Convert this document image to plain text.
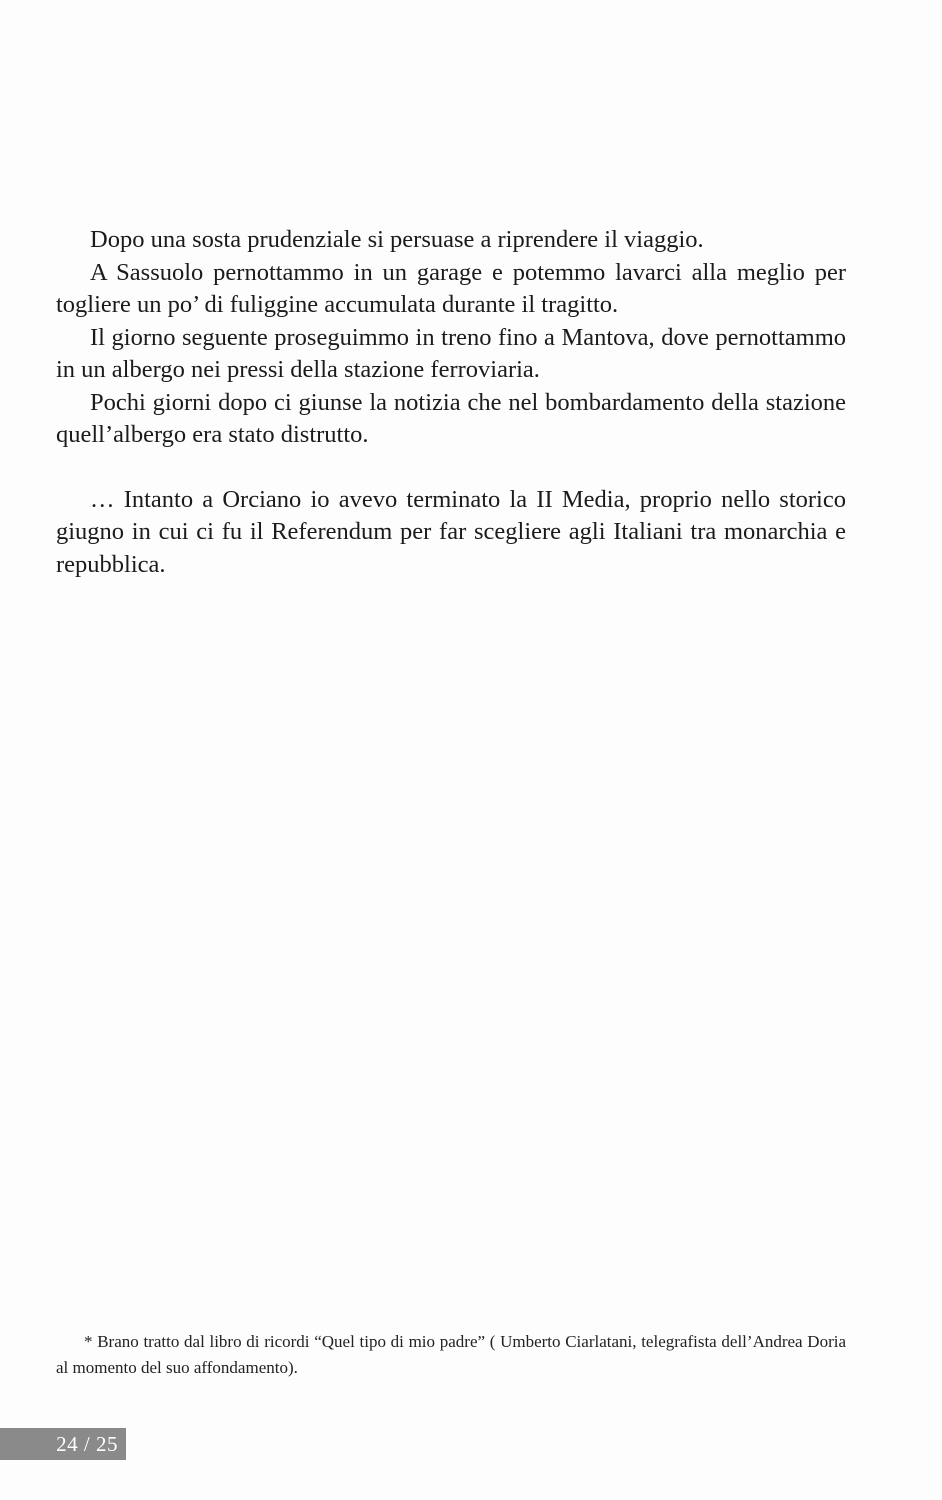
Dopo una sosta prudenziale si persuase a riprendere il viaggio.

A Sassuolo pernottammo in un garage e potemmo lavarci alla meglio per togliere un po’ di fuliggine accumulata durante il tragitto.

Il giorno seguente proseguimmo in treno fino a Mantova, dove pernottammo in un albergo nei pressi della stazione ferroviaria.

Pochi giorni dopo ci giunse la notizia che nel bombardamento della stazione quell’albergo era stato distrutto.

… Intanto a Orciano io avevo terminato la II Media, proprio nello storico giugno in cui ci fu il Referendum per far scegliere agli Italiani tra monarchia e repubblica.

* Brano tratto dal libro di ricordi “Quel tipo di mio padre” ( Umberto Ciarlatani, telegrafista dell’Andrea Doria al momento del suo affondamento).

24 / 25
